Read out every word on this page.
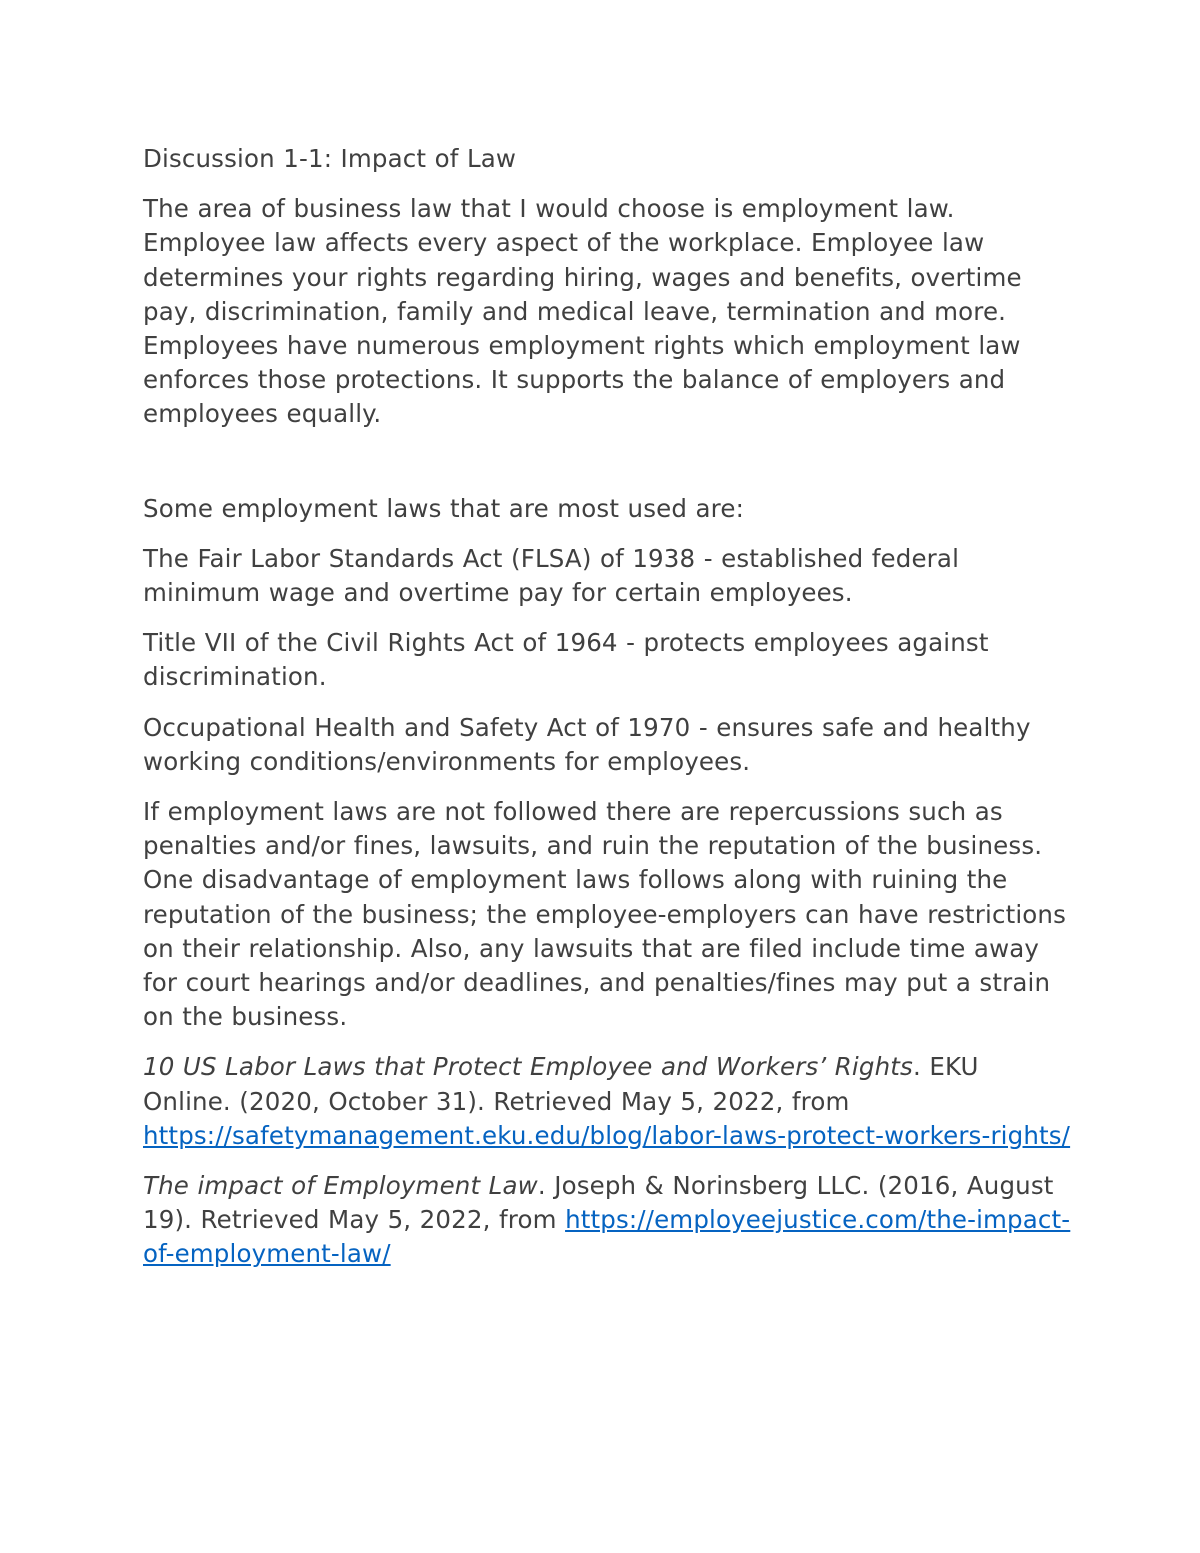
Discussion 1-1: Impact of Law

The area of business law that I would choose is employment law. Employee law affects every aspect of the workplace. Employee law determines your rights regarding hiring, wages and benefits, overtime pay, discrimination, family and medical leave, termination and more. Employees have numerous employment rights which employment law enforces those protections. It supports the balance of employers and employees equally.

Some employment laws that are most used are:

The Fair Labor Standards Act (FLSA) of 1938 - established federal minimum wage and overtime pay for certain employees.

Title VII of the Civil Rights Act of 1964 - protects employees against discrimination.

Occupational Health and Safety Act of 1970 - ensures safe and healthy working conditions/environments for employees.

If employment laws are not followed there are repercussions such as penalties and/or fines, lawsuits, and ruin the reputation of the business. One disadvantage of employment laws follows along with ruining the reputation of the business; the employee-employers can have restrictions on their relationship. Also, any lawsuits that are filed include time away for court hearings and/or deadlines, and penalties/fines may put a strain on the business.

10 US Labor Laws that Protect Employee and Workers’ Rights. EKU Online. (2020, October 31). Retrieved May 5, 2022, from https://safetymanagement.eku.edu/blog/labor-laws-protect-workers-rights/

The impact of Employment Law. Joseph & Norinsberg LLC. (2016, August 19). Retrieved May 5, 2022, from https://employeejustice.com/the-impact-of-employment-law/
